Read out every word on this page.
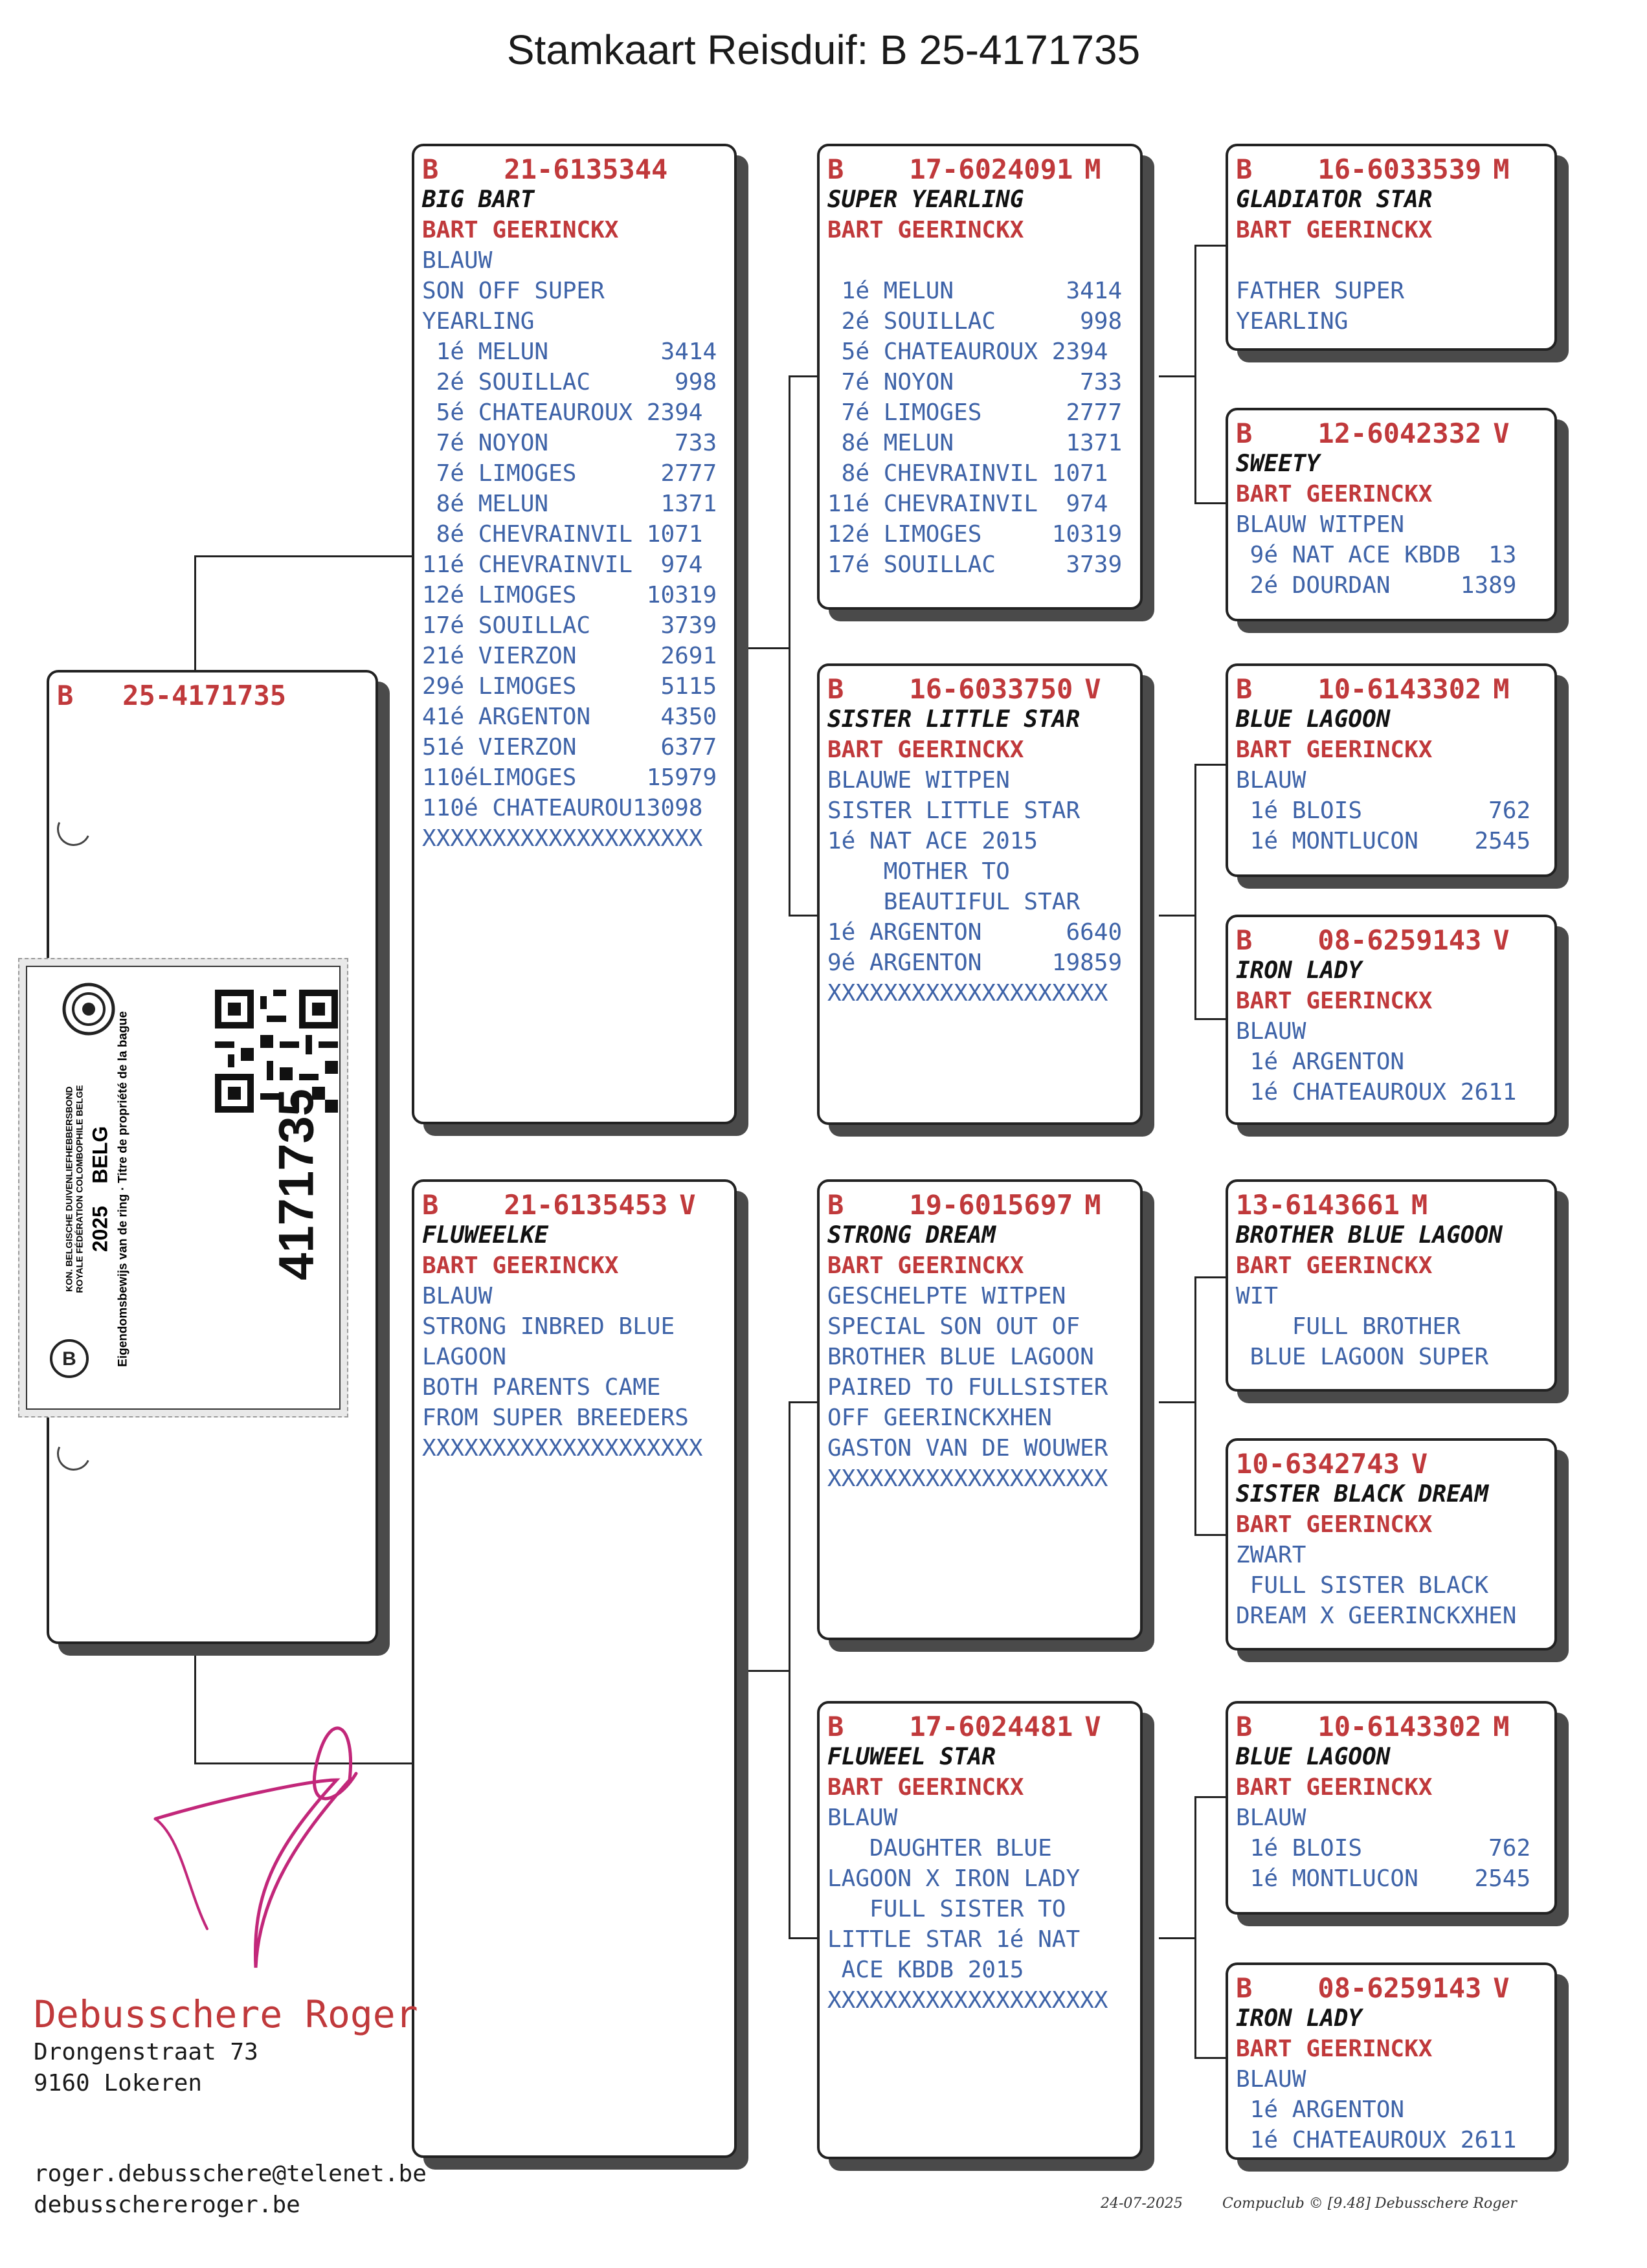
Stamkaart Reisduif: B 25-4171735
B 25-4171735
B    21-6135344
BIG BART
BART GEERINCKX
BLAUW
SON OFF SUPER
YEARLING
1é MELUN        3414
2é SOUILLAC      998
5é CHATEAUROUX 2394
7é NOYON         733
7é LIMOGES      2777
8é MELUN        1371
8é CHEVRAINVIL 1071
11é CHEVRAINVIL  974
12é LIMOGES     10319
17é SOUILLAC     3739
21é VIERZON      2691
29é LIMOGES      5115
41é ARGENTON     4350
51é VIERZON      6377
110éLIMOGES     15979
110é CHATEAUROU13098
XXXXXXXXXXXXXXXXXXXX
B    21-6135453 V
FLUWEELKE
BART GEERINCKX
BLAUW
STRONG INBRED BLUE
LAGOON
BOTH PARENTS CAME
FROM SUPER BREEDERS
XXXXXXXXXXXXXXXXXXXX
B    17-6024091 M
SUPER YEARLING
BART GEERINCKX
1é MELUN        3414
2é SOUILLAC      998
5é CHATEAUROUX 2394
7é NOYON         733
7é LIMOGES      2777
8é MELUN        1371
8é CHEVRAINVIL 1071
11é CHEVRAINVIL  974
12é LIMOGES     10319
17é SOUILLAC     3739
B    16-6033750 V
SISTER LITTLE STAR
BART GEERINCKX
BLAUWE WITPEN
SISTER LITTLE STAR
1é NAT ACE 2015
MOTHER TO
BEAUTIFUL STAR
1é ARGENTON      6640
9é ARGENTON     19859
XXXXXXXXXXXXXXXXXXXX
B    19-6015697 M
STRONG DREAM
BART GEERINCKX
GESCHELPTE WITPEN
SPECIAL SON OUT OF
BROTHER BLUE LAGOON
PAIRED TO FULLSISTER
OFF GEERINCKXHEN
GASTON VAN DE WOUWER
XXXXXXXXXXXXXXXXXXXX
B    17-6024481 V
FLUWEEL STAR
BART GEERINCKX
BLAUW
DAUGHTER BLUE
LAGOON X IRON LADY
FULL SISTER TO
LITTLE STAR 1é NAT
ACE KBDB 2015
XXXXXXXXXXXXXXXXXXXX
B    16-6033539 M
GLADIATOR STAR
BART GEERINCKX
FATHER SUPER
YEARLING
B    12-6042332 V
SWEETY
BART GEERINCKX
BLAUW WITPEN
9é NAT ACE KBDB  13
2é DOURDAN     1389
B    10-6143302 M
BLUE LAGOON
BART GEERINCKX
BLAUW
1é BLOIS         762
1é MONTLUCON    2545
B    08-6259143 V
IRON LADY
BART GEERINCKX
BLAUW
1é ARGENTON
1é CHATEAUROUX 2611
13-6143661 M
BROTHER BLUE LAGOON
BART GEERINCKX
WIT
FULL BROTHER
BLUE LAGOON SUPER
10-6342743 V
SISTER BLACK DREAM
BART GEERINCKX
ZWART
FULL SISTER BLACK
DREAM X GEERINCKXHEN
B    10-6143302 M
BLUE LAGOON
BART GEERINCKX
BLAUW
1é BLOIS         762
1é MONTLUCON    2545
B    08-6259143 V
IRON LADY
BART GEERINCKX
BLAUW
1é ARGENTON
1é CHATEAUROUX 2611
KON. BELGISCHE DUIVENLIEFHEBBERSBOND ROYALE FÉDÉRATION COLOMBOPHILE BELGE 2025 BELG Eigendomsbewijs van de ring · Titre de propriété de la bague
B
4171735
Debusschere Roger
Drongenstraat 73
9160 Lokeren
roger.debusschere@telenet.be
debusschereroger.be	24-07-2025	Compuclub © [9.48] Debusschere Roger
